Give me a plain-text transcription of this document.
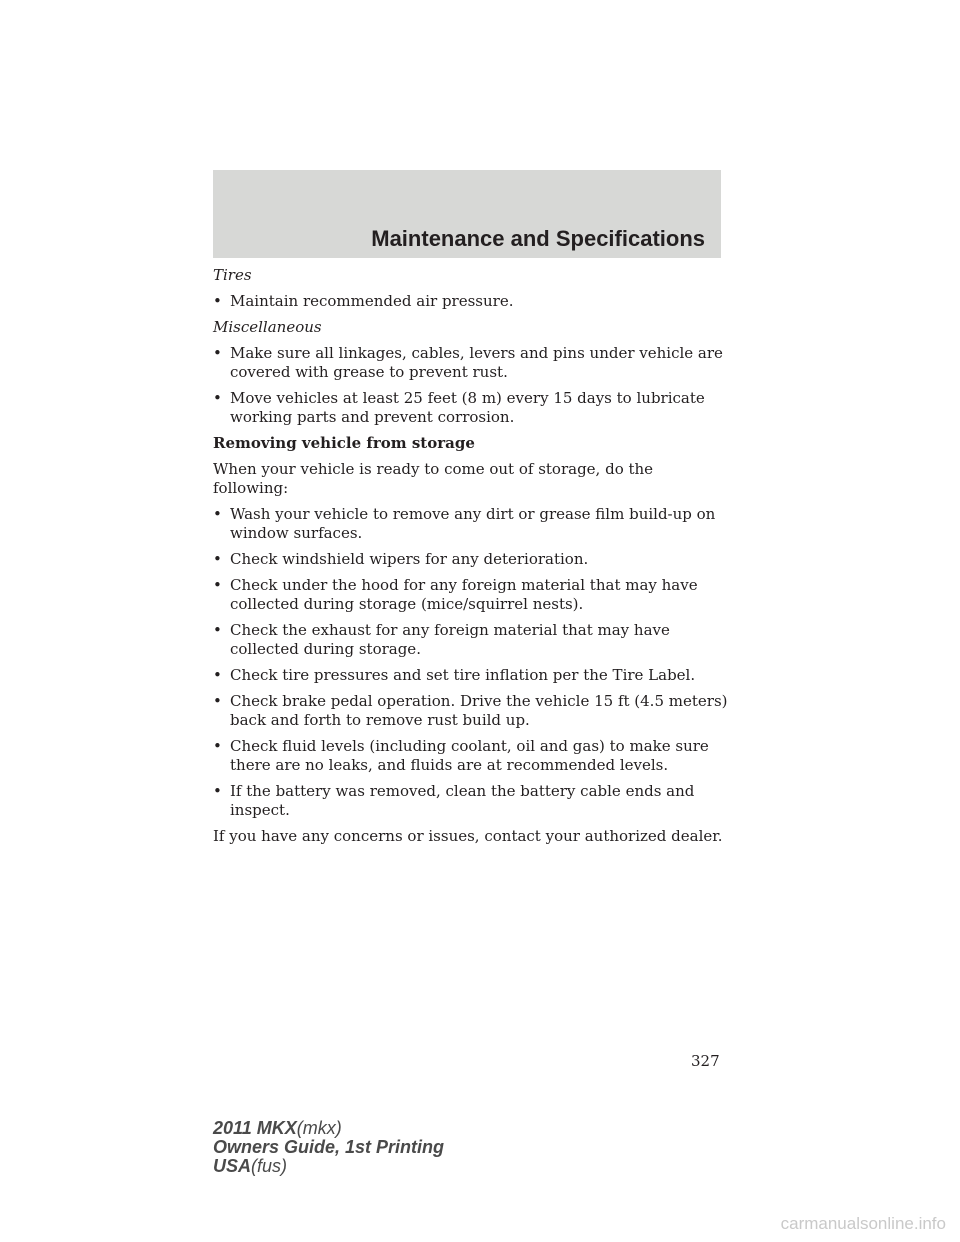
Maintenance and Specifications

Tires

• Maintain recommended air pressure.

Miscellaneous

• Make sure all linkages, cables, levers and pins under vehicle are covered with grease to prevent rust.
• Move vehicles at least 25 feet (8 m) every 15 days to lubricate working parts and prevent corrosion.

Removing vehicle from storage

When your vehicle is ready to come out of storage, do the following:

• Wash your vehicle to remove any dirt or grease film build-up on window surfaces.
• Check windshield wipers for any deterioration.
• Check under the hood for any foreign material that may have collected during storage (mice/squirrel nests).
• Check the exhaust for any foreign material that may have collected during storage.
• Check tire pressures and set tire inflation per the Tire Label.
• Check brake pedal operation. Drive the vehicle 15 ft (4.5 meters) back and forth to remove rust build up.
• Check fluid levels (including coolant, oil and gas) to make sure there are no leaks, and fluids are at recommended levels.
• If the battery was removed, clean the battery cable ends and inspect.

If you have any concerns or issues, contact your authorized dealer.

327
2011 MKX(mkx)
Owners Guide, 1st Printing
USA(fus)
carmanualsonline.info
